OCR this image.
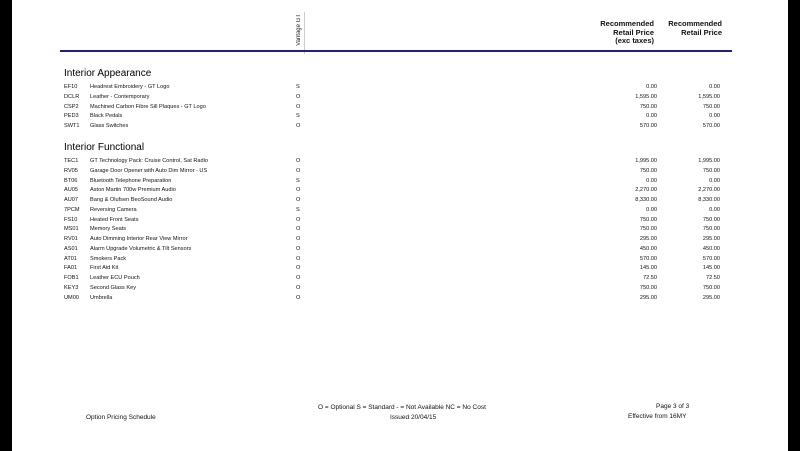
Vantage GT	Recommended
Retail Price
(exc taxes)
Recommended
Retail Price
Interior Appearance
EF10 Headrest Embroidery - GT Logo	S	0.00	0.00
DCLR Leather - Contemporary	O	1,595.00	1,595.00
CSP2 Machined Carbon Fibre Sill Plaques - GT Logo	O	750.00	750.00
PED3 Black Pedals	S	0.00	0.00
SWT1 Glass Switches	O	570.00	570.00
Interior Functional
TEC1 GT Technology Pack: Cruise Control, Sat Radio	O	1,995.00	1,995.00
RV05 Garage Door Opener with Auto Dim Mirror - US	O	750.00	750.00
BT06 Bluetooth Telephone Preparation	S	0.00	0.00
AU05 Aston Martin 700w Premium Audio	O	2,270.00	2,270.00
AU07 Bang & Olufsen BeoSound Audio	O	8,330.00	8,330.00
7PCM Reversing Camera	S	0.00	0.00
FS10 Heated Front Seats	O	750.00	750.00
MS01 Memory Seats	O	750.00	750.00
RV01 Auto Dimming Interior Rear View Mirror	O	295.00	295.00
AS01 Alarm Upgrade Volumetric & Tilt Sensors	O	450.00	450.00
AT01 Smokers Pack	O	570.00	570.00
FA01 First Aid Kit	O	145.00	145.00
FOB1 Leather ECU Pouch	O	72.50	72.50
KEY3 Second Glass Key	O	750.00	750.00
UM00 Umbrella	O	295.00	295.00
O = Optional S = Standard - = Not Available NC = No Cost
Option Pricing Schedule	Issued 20/04/15
Page 3 of 3
Effective from 16MY
